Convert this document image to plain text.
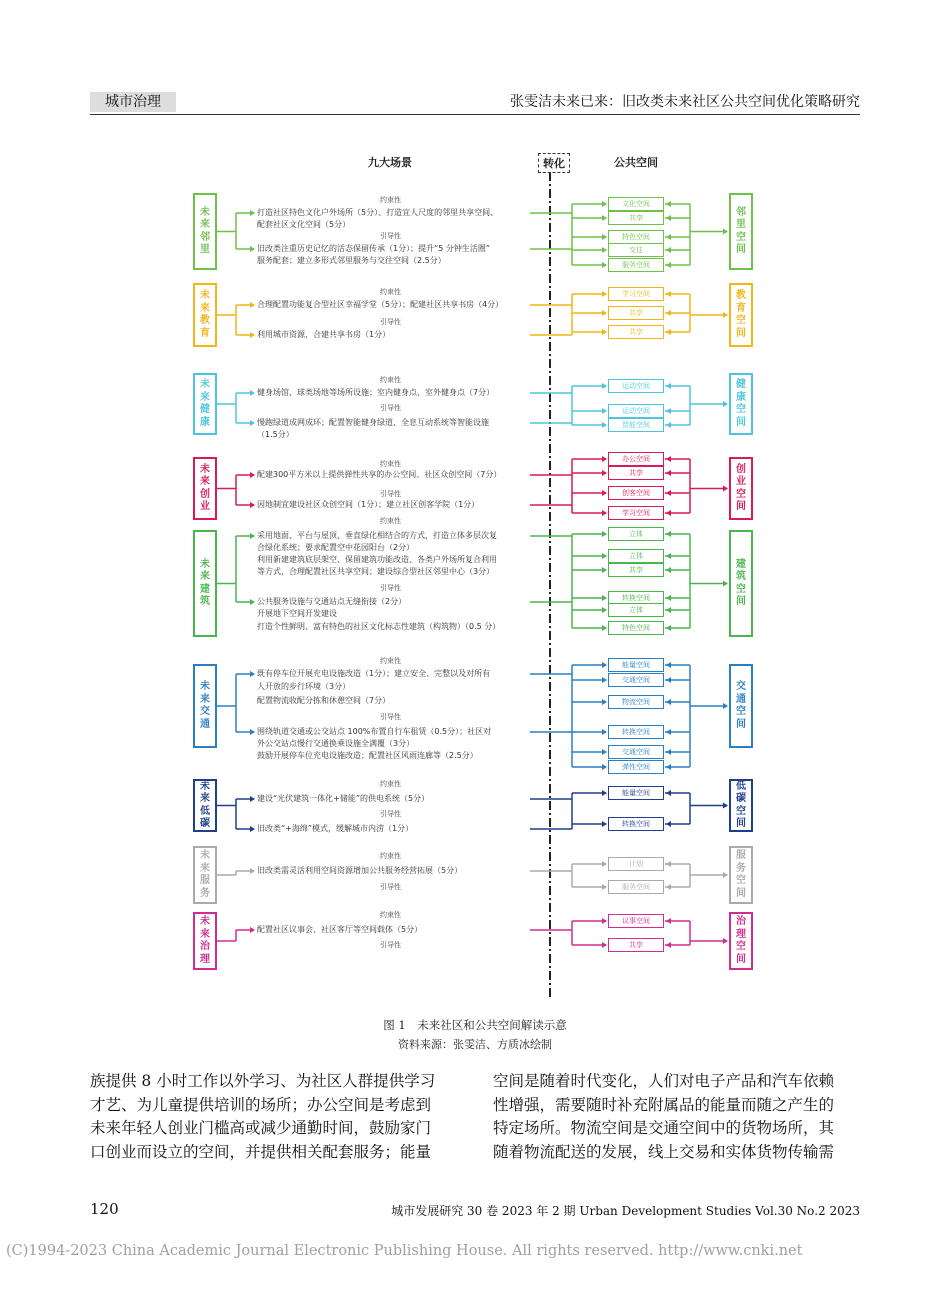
城市治理	张雯洁未来已来：旧改类未来社区公共空间优化策略研究
九大场景	转化	公共空间
未
来
邻
里
邻
里
空
间
约束性
打造社区特色文化户外场所（5分）、打造宜人尺度的邻里共享空间、
配套社区文化空间（5分）
引导性
旧改类注重历史记忆的活态保留传承（1分）；提升“5 分钟生活圈”
服务配套；建立多形式邻里服务与交往空间（2.5分）
文化空间
共享
特色空间
交往
服务空间
未
来
教
育
教
育
空
间
约束性
合理配置功能复合型社区幸福学堂（5分）；配建社区共享书房（4分）
引导性
利用城市资源，合建共享书房（1分）
学习空间
共享
共享
未
来
健
康
健
康
空
间
约束性
健身场馆、球类场地等场所设施；室内健身点、室外健身点（7分）
引导性
慢跑绿道成网成环；配置智能健身绿道、全息互动系统等智能设施
（1.5分）
运动空间
运动空间
智能空间
未
来
创
业
创
业
空
间
约束性
配建300平方米以上提供弹性共享的办公空间、社区众创空间（7分）
引导性
因地制宜建设社区众创空间（1分）；建立社区创客学院（1分）
办公空间
共享
创客空间
学习空间
未
来
建
筑
建
筑
空
间
约束性
采用地面、平台与屋顶、垂直绿化相结合的方式，打造立体多层次复
合绿化系统；要求配置空中花园阳台（2分）
利用新建建筑底层架空、保留建筑功能改造、各类户外场所复合利用
等方式，合理配置社区共享空间；建设综合型社区邻里中心（3分）
引导性
公共服务设施与交通站点无缝衔接（2分）
开展地下空间开发建设
打造个性鲜明、富有特色的社区文化标志性建筑（构筑物）（0.5 分）
立体
立体
共享
转换空间
立体
特色空间
未
来
交
通
交
通
空
间
约束性
既有停车位开展充电设施改造（1分）；建立安全、完整以及对所有
人开放的步行环境（3分）
配置物流收配分拣和休憩空间（7分）
引导性
围绕轨道交通或公交站点 100%布置自行车租赁（0.5分）；社区对
外公交站点慢行交通换乘设施全满覆（3分）
鼓励开展停车位充电设施改造；配置社区风雨连廊等（2.5分）
能量空间
交通空间
物流空间
转换空间
交通空间
弹性空间
未
来
低
碳
低
碳
空
间
约束性
建设“光伏建筑一体化+储能”的供电系统（5分）
引导性
旧改类“+海绵”模式，缓解城市内涝（1分）
能量空间
转换空间
未
来
服
务
服
务
空
间
约束性
旧改类需灵活利用空间资源增加公共服务经营拓展（5分）
引导性
计划
服务空间
未
来
治
理
治
理
空
间
约束性
配置社区议事会、社区客厅等空间载体（5分）
引导性
议事空间
共享
图 1　未来社区和公共空间解读示意
资料来源：张雯洁、方质冰绘制
族提供 8 小时工作以外学习、为社区人群提供学习
才艺、为儿童提供培训的场所；办公空间是考虑到
未来年轻人创业门槛高或减少通勤时间，鼓励家门
口创业而设立的空间，并提供相关配套服务；能量
空间是随着时代变化，人们对电子产品和汽车依赖
性增强，需要随时补充附属品的能量而随之产生的
特定场所。物流空间是交通空间中的货物场所，其
随着物流配送的发展，线上交易和实体货物传输需
120	城市发展研究 30 卷 2023 年 2 期 Urban Development Studies Vol.30 No.2 2023
(C)1994-2023 China Academic Journal Electronic Publishing House. All rights reserved. http://www.cnki.net
